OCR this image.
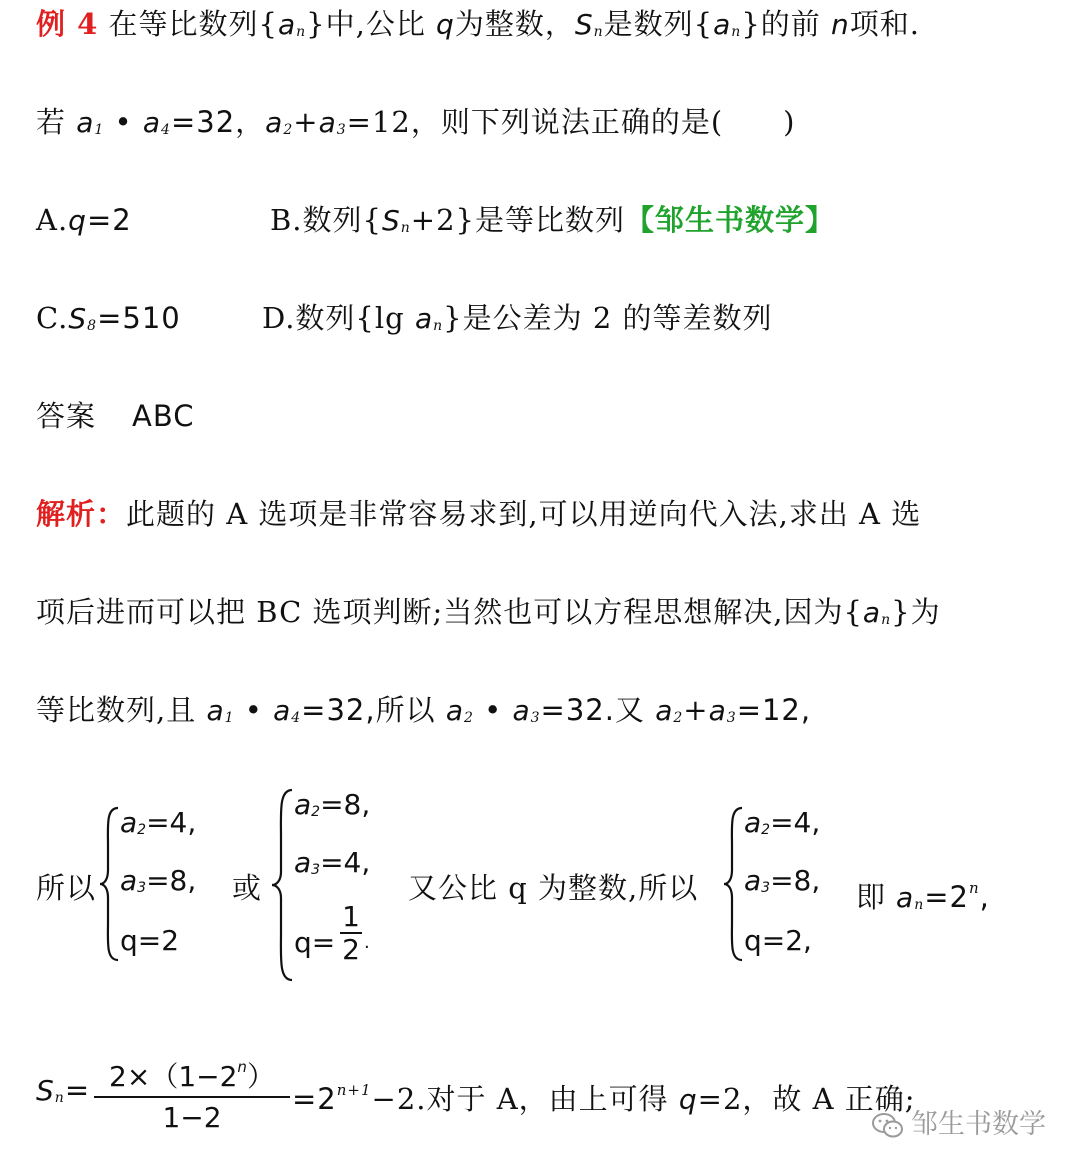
例 4 在等比数列$\{a_n\}$中,公比 q为整数，$S_n$是数列$\{a_n\}$的前 n项和.
若 $a_1$ • $a_4=32$，$a_2+a_3=12$，则下列说法正确的是(　　)
A.q=2	B.数列$\{S_n+2\}$是等比数列【邹生书数学】
$C.S_8=510$	D.数列{lg $a_n$}是公差为 2 的等差数列
答案 ABC
解析：此题的 A 选项是非常容易求到,可以用逆向代入法,求出 A 选
项后进而可以把 BC 选项判断;当然也可以方程思想解决,因为$\{a_n\}$为
等比数列,且 $a_1$ • $a_4=32$,所以 $a_2$ • $a_3=32$.又 $a_2+a_3=12$,
所以
$a_2=4$,
$a_3=8$,
q=2
或
$a_2=8$,
$a_3=4$,
q=
1
2 .
又公比 q 为整数,所以
$a_2=4$,
$a_3=8$,
q=2,
即 $a_n=2^n$,
$S_n= 2\times(1-2^n)$
1−2
$=2^{n+1}-2$.对于 A，由上可得 q=2，故 A 正确;
邹生书数学
